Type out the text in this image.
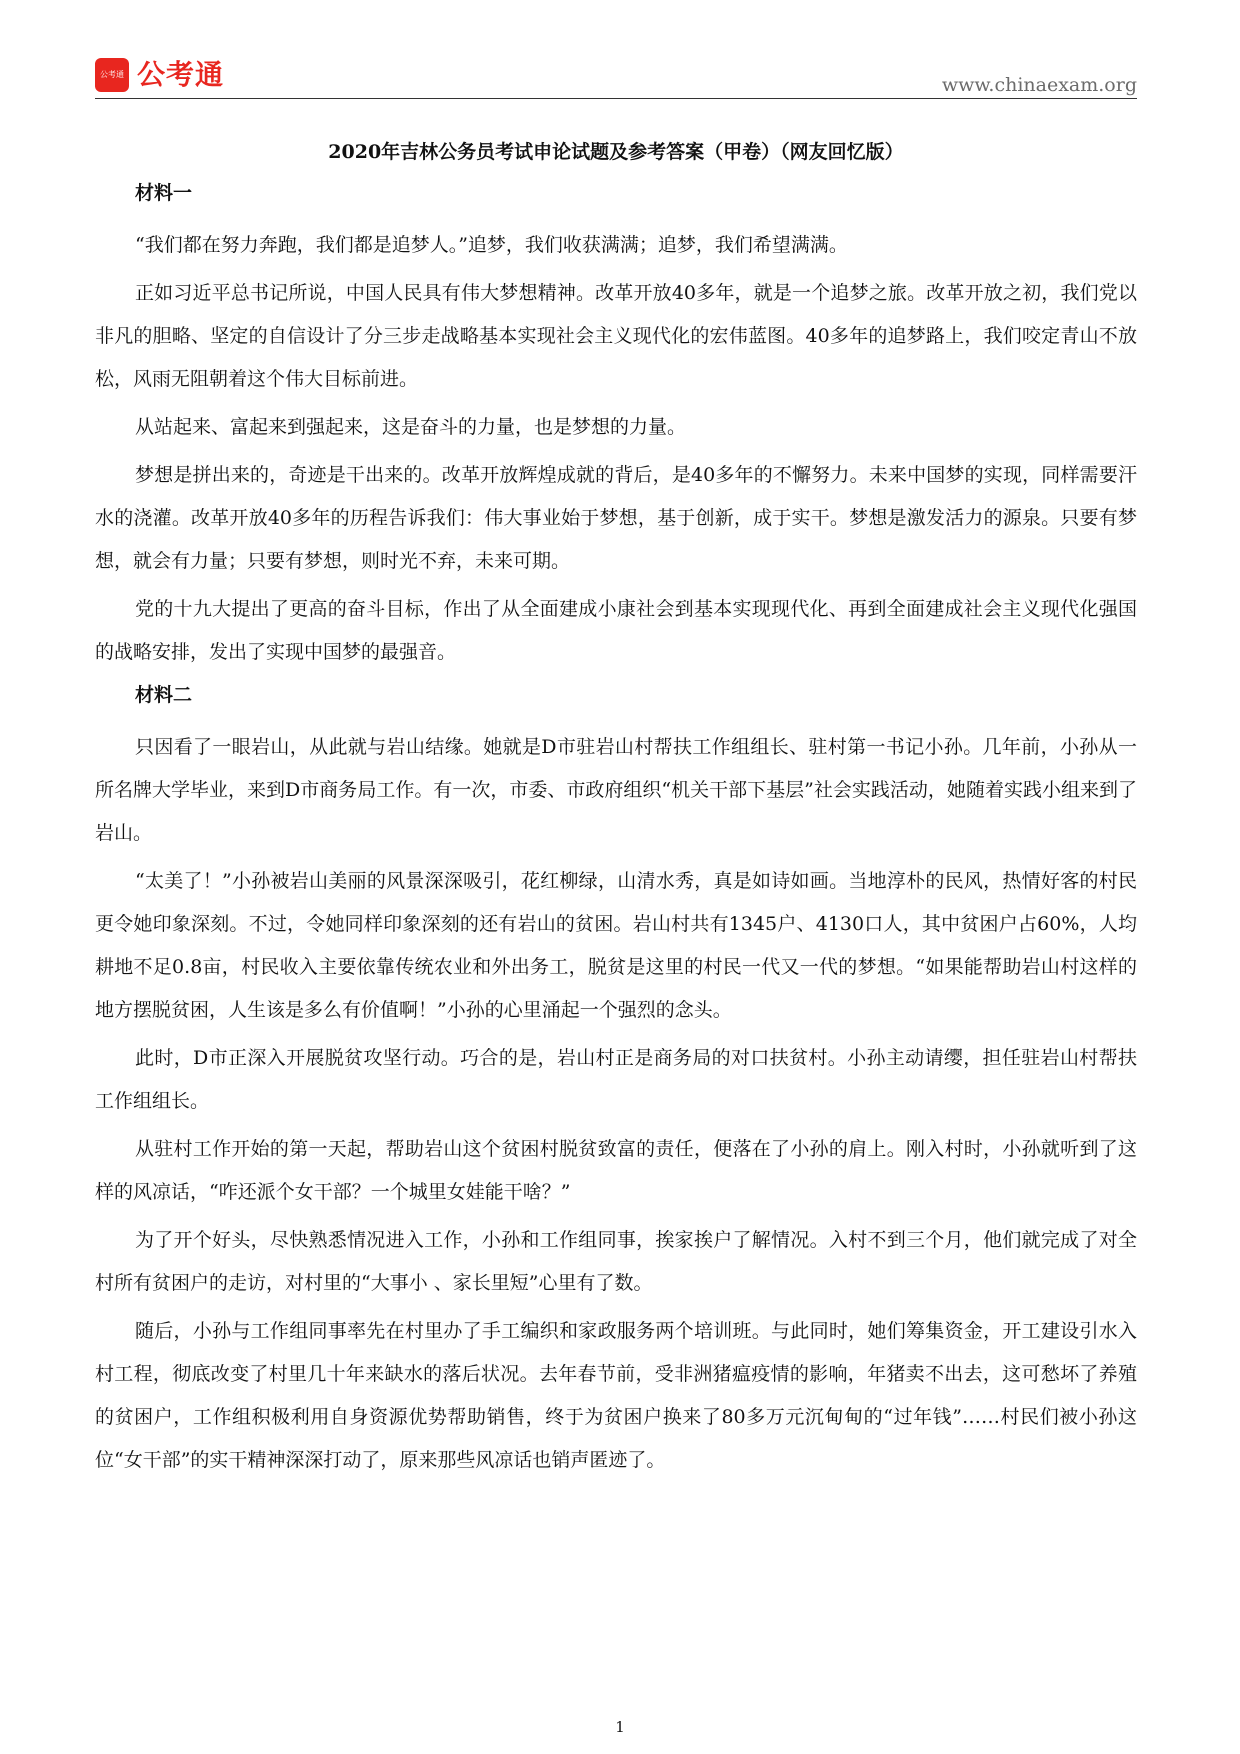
公考通 公考通	www.chinaexam.org
2020年吉林公务员考试申论试题及参考答案（甲卷）（网友回忆版）
材料一

“我们都在努力奔跑，我们都是追梦人。”追梦，我们收获满满；追梦，我们希望满满。

正如习近平总书记所说，中国人民具有伟大梦想精神。改革开放40多年，就是一个追梦之旅。改革开放之初，我们党以非凡的胆略、坚定的自信设计了分三步走战略基本实现社会主义现代化的宏伟蓝图。40多年的追梦路上，我们咬定青山不放松，风雨无阻朝着这个伟大目标前进。

从站起来、富起来到强起来，这是奋斗的力量，也是梦想的力量。

梦想是拼出来的，奇迹是干出来的。改革开放辉煌成就的背后，是40多年的不懈努力。未来中国梦的实现，同样需要汗水的浇灌。改革开放40多年的历程告诉我们：伟大事业始于梦想，基于创新，成于实干。梦想是激发活力的源泉。只要有梦想，就会有力量；只要有梦想，则时光不弃，未来可期。

党的十九大提出了更高的奋斗目标，作出了从全面建成小康社会到基本实现现代化、再到全面建成社会主义现代化强国的战略安排，发出了实现中国梦的最强音。

材料二

只因看了一眼岩山，从此就与岩山结缘。她就是D市驻岩山村帮扶工作组组长、驻村第一书记小孙。几年前，小孙从一所名牌大学毕业，来到D市商务局工作。有一次，市委、市政府组织“机关干部下基层”社会实践活动，她随着实践小组来到了岩山。

“太美了！”小孙被岩山美丽的风景深深吸引，花红柳绿，山清水秀，真是如诗如画。当地淳朴的民风，热情好客的村民更令她印象深刻。不过，令她同样印象深刻的还有岩山的贫困。岩山村共有1345户、4130口人，其中贫困户占60%，人均耕地不足0.8亩，村民收入主要依靠传统农业和外出务工，脱贫是这里的村民一代又一代的梦想。“如果能帮助岩山村这样的地方摆脱贫困，人生该是多么有价值啊！”小孙的心里涌起一个强烈的念头。

此时，D市正深入开展脱贫攻坚行动。巧合的是，岩山村正是商务局的对口扶贫村。小孙主动请缨，担任驻岩山村帮扶工作组组长。

从驻村工作开始的第一天起，帮助岩山这个贫困村脱贫致富的责任，便落在了小孙的肩上。刚入村时，小孙就听到了这样的风凉话，“咋还派个女干部？一个城里女娃能干啥？”

为了开个好头，尽快熟悉情况进入工作，小孙和工作组同事，挨家挨户了解情况。入村不到三个月，他们就完成了对全村所有贫困户的走访，对村里的“大事小 、家长里短”心里有了数。

随后，小孙与工作组同事率先在村里办了手工编织和家政服务两个培训班。与此同时，她们筹集资金，开工建设引水入村工程，彻底改变了村里几十年来缺水的落后状况。去年春节前，受非洲猪瘟疫情的影响，年猪卖不出去，这可愁坏了养殖的贫困户，工作组积极利用自身资源优势帮助销售，终于为贫困户换来了80多万元沉甸甸的“过年钱”……村民们被小孙这位“女干部”的实干精神深深打动了，原来那些风凉话也销声匿迹了。

1
